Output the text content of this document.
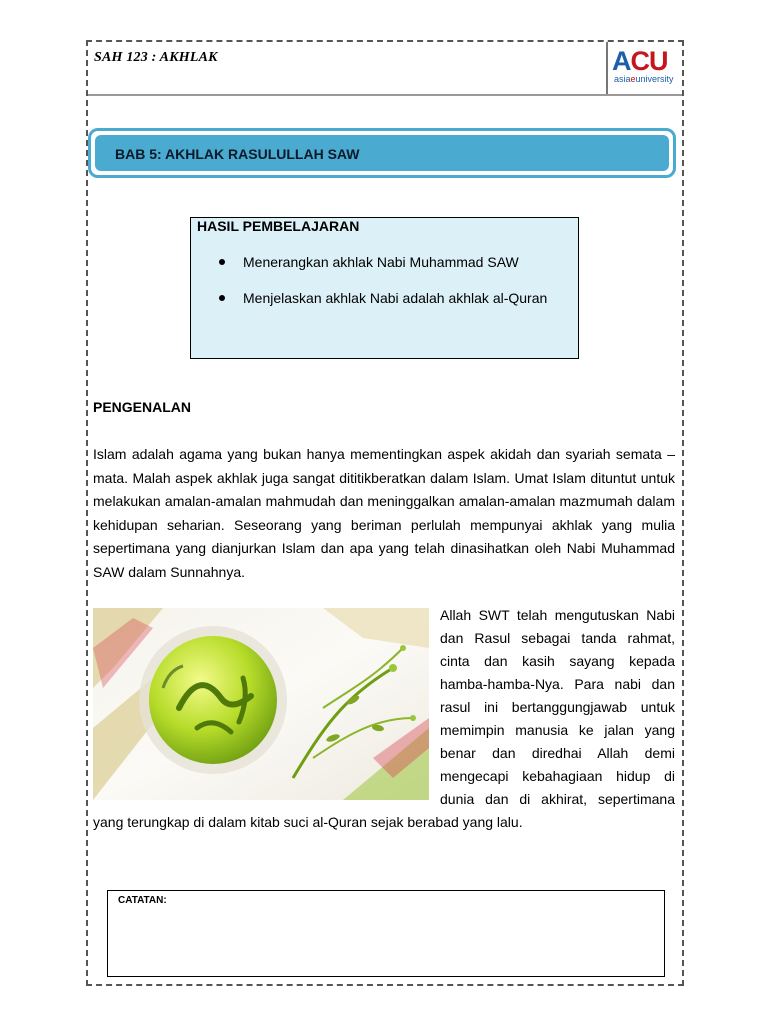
SAH 123 : AKHLAK	ACU
asiaeuniversity
BAB 5: AKHLAK RASULULLAH SAW
HASIL PEMBELAJARAN
Menerangkan akhlak Nabi Muhammad SAW
Menjelaskan akhlak Nabi adalah akhlak al-Quran
PENGENALAN

Islam adalah agama yang bukan hanya mementingkan aspek akidah dan syariah semata – mata. Malah aspek akhlak juga sangat dititikberatkan dalam Islam. Umat Islam dituntut untuk melakukan amalan-amalan mahmudah dan meninggalkan amalan-amalan mazmumah dalam kehidupan seharian. Seseorang yang beriman perlulah mempunyai akhlak yang mulia sepertimana yang dianjurkan Islam dan apa yang telah dinasihatkan oleh Nabi Muhammad SAW dalam Sunnahnya.

Allah SWT telah mengutuskan Nabi dan Rasul sebagai tanda rahmat, cinta dan kasih sayang kepada hamba-hamba-Nya. Para nabi dan rasul ini bertanggungjawab untuk memimpin manusia ke jalan yang benar dan diredhai Allah demi mengecapi kebahagiaan hidup di dunia dan di akhirat, sepertimana

yang terungkap di dalam kitab suci al-Quran sejak berabad yang lalu.

CATATAN:
